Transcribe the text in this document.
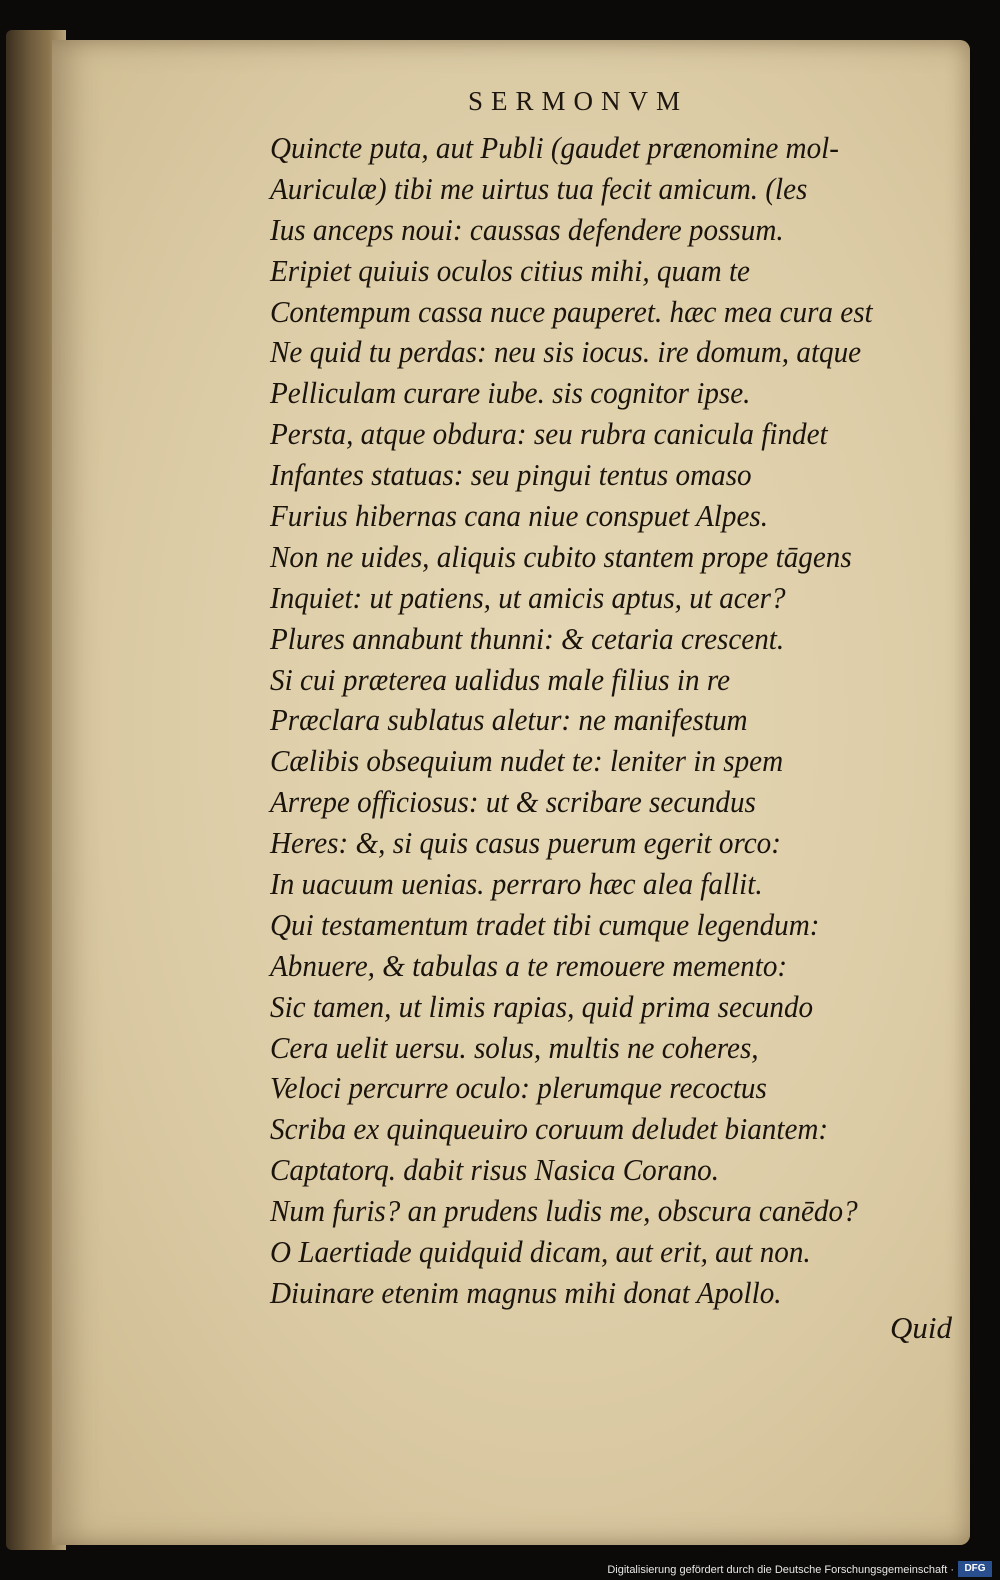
SERMONVM
Quincte puta, aut Publi (gaudet prænomine mol-
Auriculæ) tibi me uirtus tua fecit amicum. (les
Ius anceps noui: caussas defendere possum.
Eripiet quiuis oculos citius mihi, quam te
Contempum cassa nuce pauperet. hæc mea cura est
Ne quid tu perdas: neu sis iocus. ire domum, atque
Pelliculam curare iube. sis cognitor ipse.
Persta, atque obdura: seu rubra canicula findet
Infantes statuas: seu pingui tentus omaso
Furius hibernas cana niue conspuet Alpes.
Non ne uides, aliquis cubito stantem prope tāgens
Inquiet: ut patiens, ut amicis aptus, ut acer?
Plures annabunt thunni: & cetaria crescent.
Si cui præterea ualidus male filius in re
Præclara sublatus aletur: ne manifestum
Cælibis obsequium nudet te: leniter in spem
Arrepe officiosus: ut & scribare secundus
Heres: &, si quis casus puerum egerit orco:
In uacuum uenias. perraro hæc alea fallit.
Qui testamentum tradet tibi cumque legendum:
Abnuere, & tabulas a te remouere memento:
Sic tamen, ut limis rapias, quid prima secundo
Cera uelit uersu. solus, multis ne coheres,
Veloci percurre oculo: plerumque recoctus
Scriba ex quinqueuiro coruum deludet biantem:
Captatorq. dabit risus Nasica Corano.
Num furis? an prudens ludis me, obscura canēdo?
O Laertiade quidquid dicam, aut erit, aut non.
Diuinare etenim magnus mihi donat Apollo.
Quid
Digitalisierung gefördert durch die Deutsche Forschungsgemeinschaft ·	DFG
